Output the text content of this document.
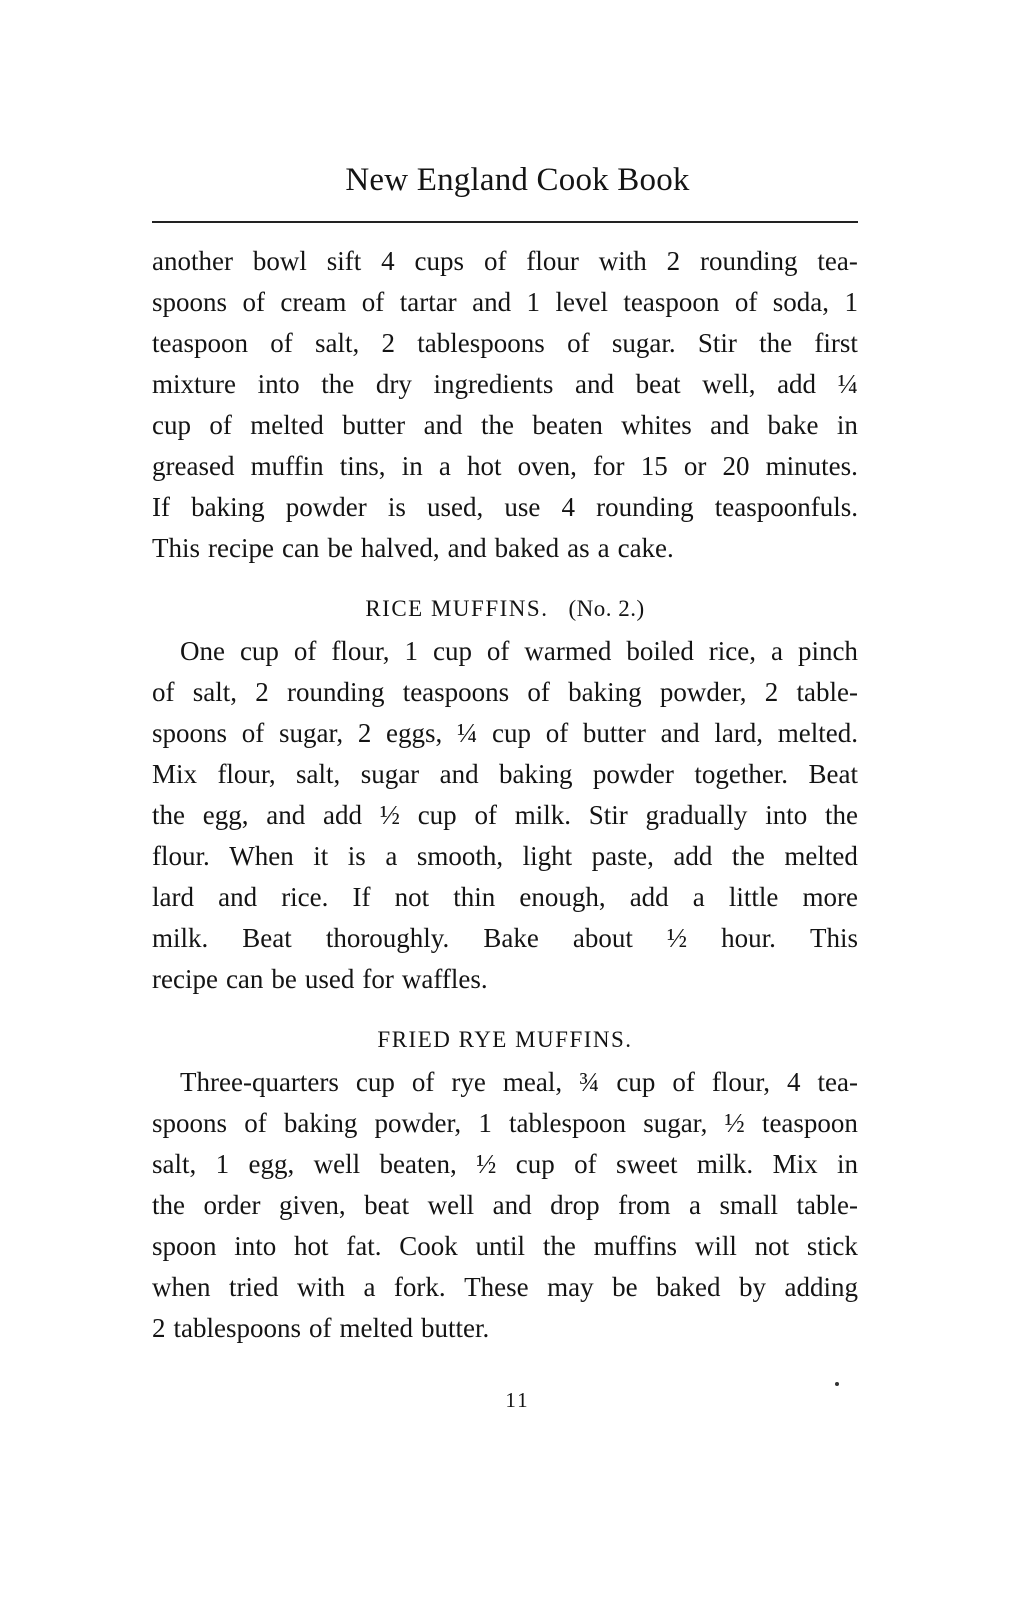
New England Cook Book
another bowl sift 4 cups of flour with 2 rounding tea-
spoons of cream of tartar and 1 level teaspoon of soda, 1
teaspoon of salt, 2 tablespoons of sugar. Stir the first
mixture into the dry ingredients and beat well, add ¼
cup of melted butter and the beaten whites and bake in
greased muffin tins, in a hot oven, for 15 or 20 minutes.
If baking powder is used, use 4 rounding teaspoonfuls.
This recipe can be halved, and baked as a cake.
RICE MUFFINS. (No. 2.)
One cup of flour, 1 cup of warmed boiled rice, a pinch
of salt, 2 rounding teaspoons of baking powder, 2 table-
spoons of sugar, 2 eggs, ¼ cup of butter and lard, melted.
Mix flour, salt, sugar and baking powder together. Beat
the egg, and add ½ cup of milk. Stir gradually into the
flour. When it is a smooth, light paste, add the melted
lard and rice. If not thin enough, add a little more
milk. Beat thoroughly. Bake about ½ hour. This
recipe can be used for waffles.
FRIED RYE MUFFINS.
Three-quarters cup of rye meal, ¾ cup of flour, 4 tea-
spoons of baking powder, 1 tablespoon sugar, ½ teaspoon
salt, 1 egg, well beaten, ½ cup of sweet milk. Mix in
the order given, beat well and drop from a small table-
spoon into hot fat. Cook until the muffins will not stick
when tried with a fork. These may be baked by adding
2 tablespoons of melted butter.
11
